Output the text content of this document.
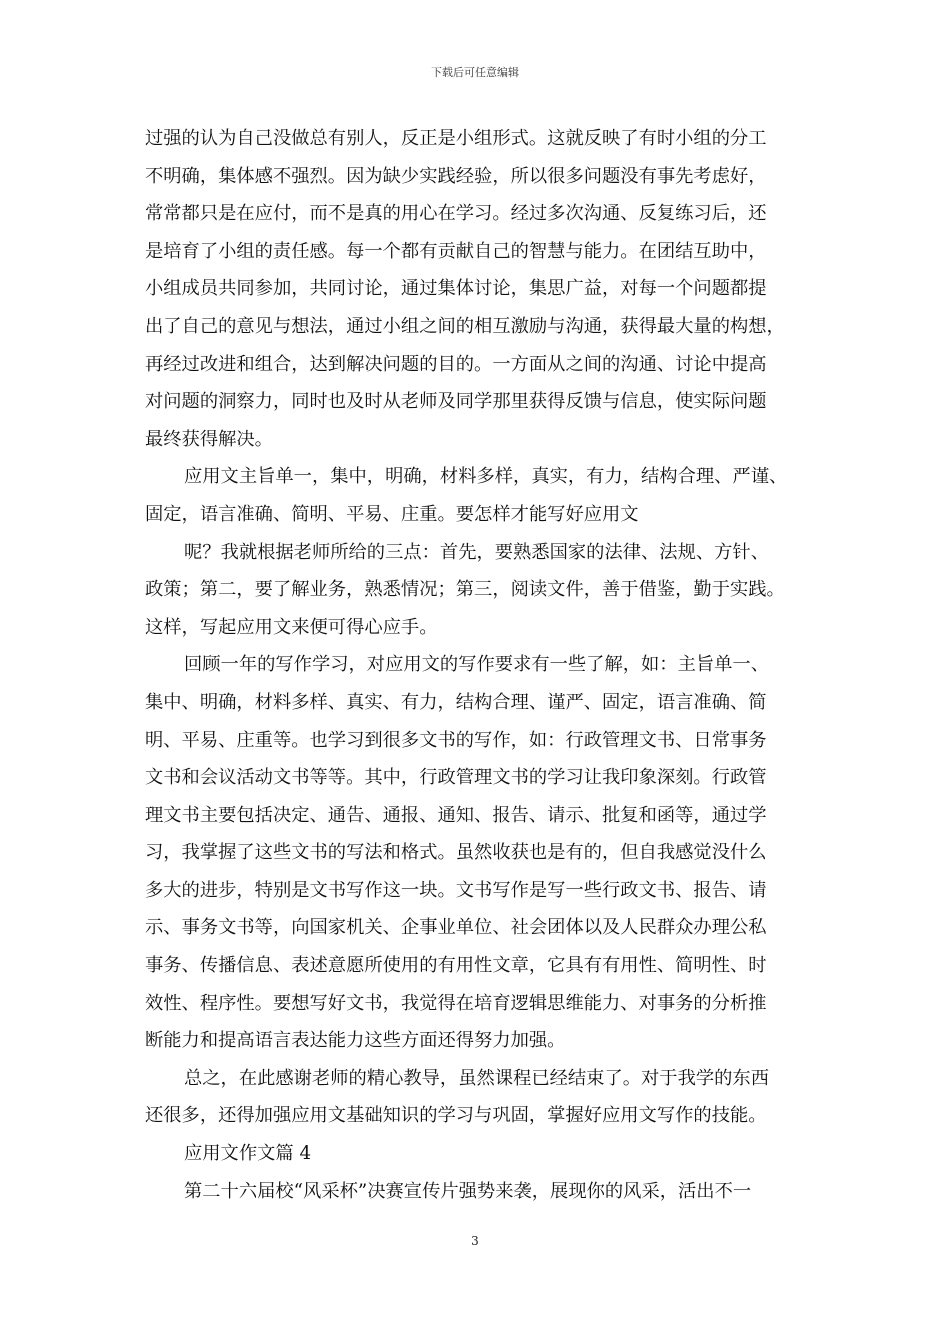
下载后可任意编辑

过强的认为自己没做总有别人，反正是小组形式。这就反映了有时小组的分工
不明确，集体感不强烈。因为缺少实践经验，所以很多问题没有事先考虑好，
常常都只是在应付，而不是真的用心在学习。经过多次沟通、反复练习后，还
是培育了小组的责任感。每一个都有贡献自己的智慧与能力。在团结互助中，
小组成员共同参加，共同讨论，通过集体讨论，集思广益，对每一个问题都提
出了自己的意见与想法，通过小组之间的相互激励与沟通，获得最大量的构想，
再经过改进和组合，达到解决问题的目的。一方面从之间的沟通、讨论中提高
对问题的洞察力，同时也及时从老师及同学那里获得反馈与信息，使实际问题
最终获得解决。

应用文主旨单一，集中，明确，材料多样，真实，有力，结构合理、严谨、
固定，语言准确、简明、平易、庄重。要怎样才能写好应用文

呢？我就根据老师所给的三点：首先，要熟悉国家的法律、法规、方针、
政策；第二，要了解业务，熟悉情况；第三，阅读文件，善于借鉴，勤于实践。
这样，写起应用文来便可得心应手。

回顾一年的写作学习，对应用文的写作要求有一些了解，如：主旨单一、
集中、明确，材料多样、真实、有力，结构合理、谨严、固定，语言准确、简
明、平易、庄重等。也学习到很多文书的写作，如：行政管理文书、日常事务
文书和会议活动文书等等。其中，行政管理文书的学习让我印象深刻。行政管
理文书主要包括决定、通告、通报、通知、报告、请示、批复和函等，通过学
习，我掌握了这些文书的写法和格式。虽然收获也是有的，但自我感觉没什么
多大的进步，特别是文书写作这一块。文书写作是写一些行政文书、报告、请
示、事务文书等，向国家机关、企事业单位、社会团体以及人民群众办理公私
事务、传播信息、表述意愿所使用的有用性文章，它具有有用性、简明性、时
效性、程序性。要想写好文书，我觉得在培育逻辑思维能力、对事务的分析推
断能力和提高语言表达能力这些方面还得努力加强。

总之，在此感谢老师的精心教导，虽然课程已经结束了。对于我学的东西
还很多，还得加强应用文基础知识的学习与巩固，掌握好应用文写作的技能。

应用文作文篇 4

第二十六届校“风采杯”决赛宣传片强势来袭，展现你的风采，活出不一

3
